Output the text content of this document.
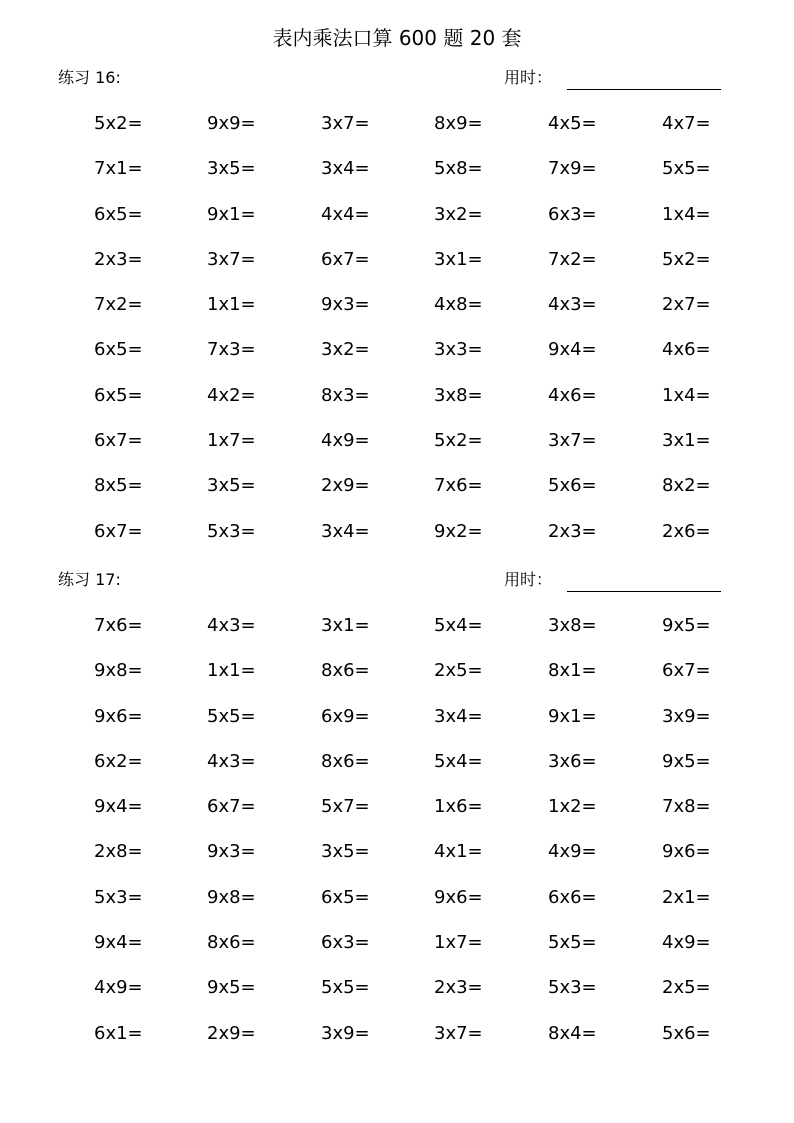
表内乘法口算 600 题 20 套
练习 16:	用时：
5x2=	9x9=	3x7=	8x9=	4x5=	4x7=
7x1=	3x5=	3x4=	5x8=	7x9=	5x5=
6x5=	9x1=	4x4=	3x2=	6x3=	1x4=
2x3=	3x7=	6x7=	3x1=	7x2=	5x2=
7x2=	1x1=	9x3=	4x8=	4x3=	2x7=
6x5=	7x3=	3x2=	3x3=	9x4=	4x6=
6x5=	4x2=	8x3=	3x8=	4x6=	1x4=
6x7=	1x7=	4x9=	5x2=	3x7=	3x1=
8x5=	3x5=	2x9=	7x6=	5x6=	8x2=
6x7=	5x3=	3x4=	9x2=	2x3=	2x6=
练习 17:	用时：
7x6=	4x3=	3x1=	5x4=	3x8=	9x5=
9x8=	1x1=	8x6=	2x5=	8x1=	6x7=
9x6=	5x5=	6x9=	3x4=	9x1=	3x9=
6x2=	4x3=	8x6=	5x4=	3x6=	9x5=
9x4=	6x7=	5x7=	1x6=	1x2=	7x8=
2x8=	9x3=	3x5=	4x1=	4x9=	9x6=
5x3=	9x8=	6x5=	9x6=	6x6=	2x1=
9x4=	8x6=	6x3=	1x7=	5x5=	4x9=
4x9=	9x5=	5x5=	2x3=	5x3=	2x5=
6x1=	2x9=	3x9=	3x7=	8x4=	5x6=
